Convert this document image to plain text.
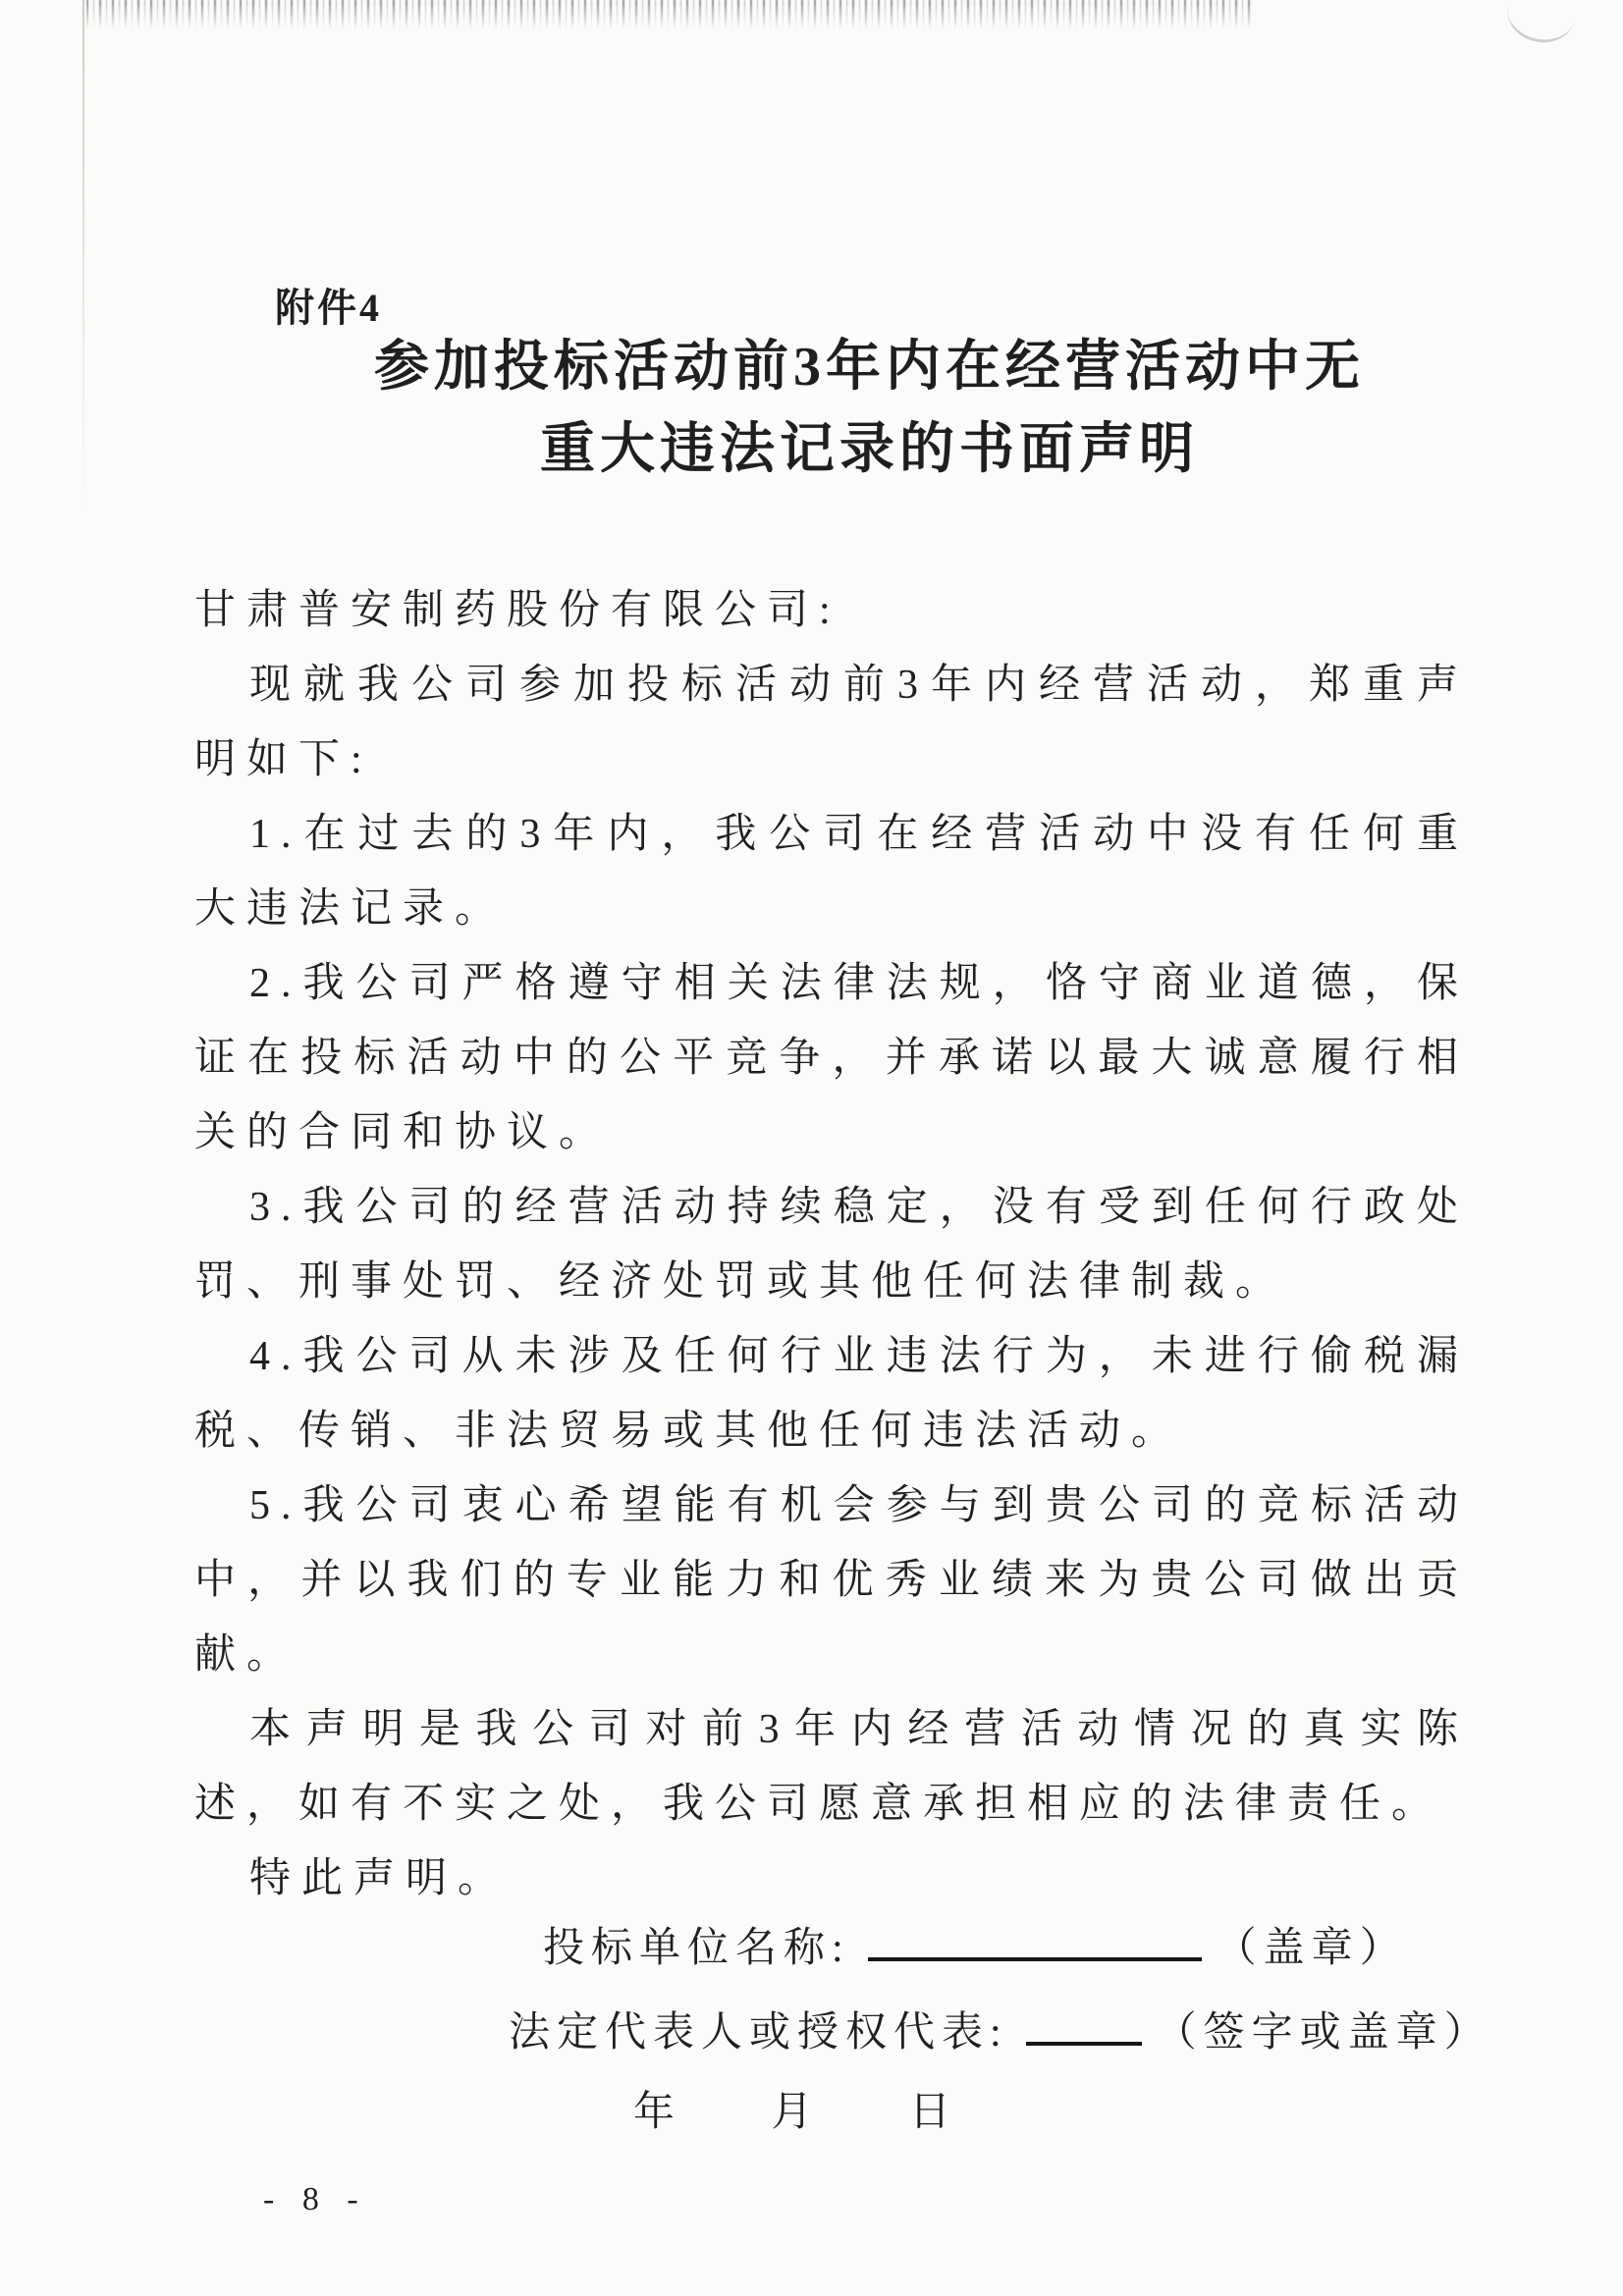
附件4
参加投标活动前3年内在经营活动中无
重大违法记录的书面声明

甘肃普安制药股份有限公司:

现就我公司参加投标活动前3年内经营活动，郑重声明如下:

1.在过去的3年内，我公司在经营活动中没有任何重大违法记录。

2.我公司严格遵守相关法律法规，恪守商业道德，保证在投标活动中的公平竞争，并承诺以最大诚意履行相关的合同和协议。

3.我公司的经营活动持续稳定，没有受到任何行政处罚、刑事处罚、经济处罚或其他任何法律制裁。

4.我公司从未涉及任何行业违法行为，未进行偷税漏税、传销、非法贸易或其他任何违法活动。

5.我公司衷心希望能有机会参与到贵公司的竞标活动中，并以我们的专业能力和优秀业绩来为贵公司做出贡献。

本声明是我公司对前3年内经营活动情况的真实陈述，如有不实之处，我公司愿意承担相应的法律责任。

特此声明。

投标单位名称:	（盖章）
法定代表人或授权代表:	（签字或盖章）
年 月 日
- 8 -
